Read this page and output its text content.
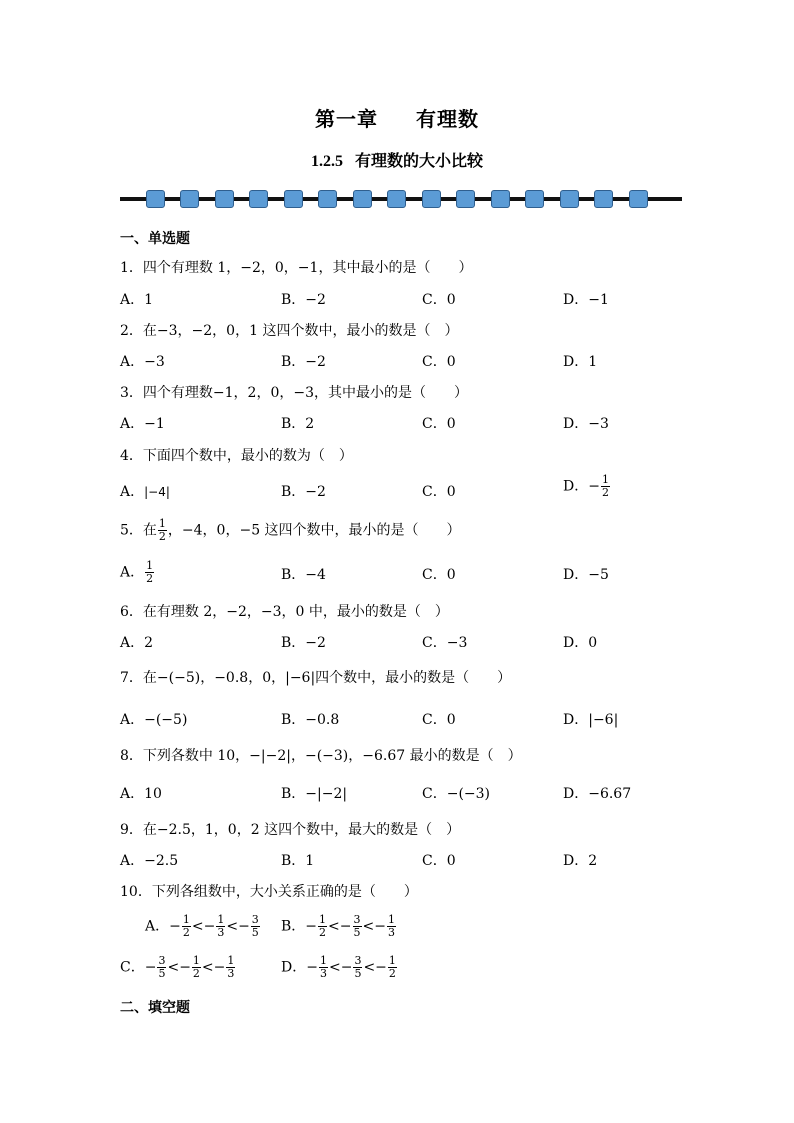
第一章 有理数
1.2.5 有理数的大小比较
一、单选题
1．四个有理数 1，−2，0，−1，其中最小的是（　　）
A．1	B．−2	C．0	D．−1
2．在−3，−2，0，1 这四个数中，最小的数是（　）
A．−3	B．−2	C．0	D．1
3．四个有理数−1，2，0，−3，其中最小的是（　　）
A．−1	B．2	C．0	D．−3
4．下面四个数中，最小的数为（　）
A．|−4|	B．−2	C．0	D．− $\frac{1}{2}$
5．在 $\frac{1}{2}$ ，−4，0，−5 这四个数中，最小的是（　　）
A． $\frac{1}{2}$	B．−4	C．0	D．−5
6．在有理数 2，−2，−3，0 中，最小的数是（　）
A．2	B．−2	C．−3	D．0
7．在−(−5)，−0.8，0，|−6|四个数中，最小的数是（　　）
A．−(−5)	B．−0.8	C．0	D．|−6|
8．下列各数中 10，−|−2|，−(−3)，−6.67 最小的数是（　）
A．10	B．−|−2|	C．−(−3)	D．−6.67
9．在−2.5，1，0，2 这四个数中，最大的数是（　）
A．−2.5	B．1	C．0	D．2
10．下列各组数中，大小关系正确的是（　　）
A．− $\frac{1}{2} <- \frac{1}{3} <- \frac{3}{5}$ B．− $\frac{1}{2} <- \frac{3}{5} <- \frac{1}{3}$
C．− $\frac{3}{5} <- \frac{1}{2} <- \frac{1}{3}$	D．− $\frac{1}{3} <- \frac{3}{5} <- \frac{1}{2}$
二、填空题
